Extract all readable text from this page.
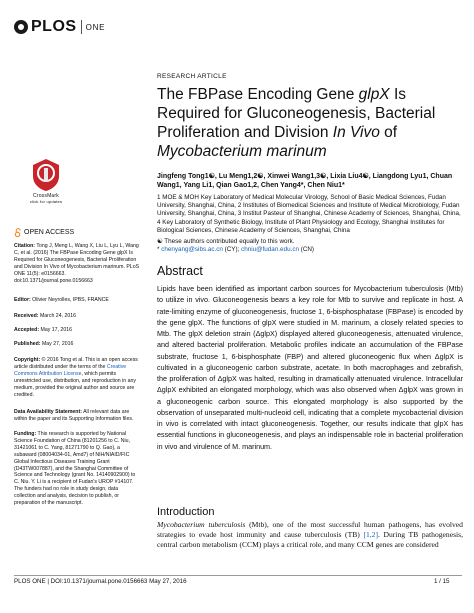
PLOS ONE
RESEARCH ARTICLE
The FBPase Encoding Gene glpX Is Required for Gluconeogenesis, Bacterial Proliferation and Division In Vivo of Mycobacterium marinum
Jingfeng Tong1☯, Lu Meng1,2☯, Xinwei Wang1,3☯, Lixia Liu4☯, Liangdong Lyu1, Chuan Wang1, Yang Li1, Qian Gao1,2, Chen Yang4*, Chen Niu1*
1 MOE & MOH Key Laboratory of Medical Molecular Virology, School of Basic Medical Sciences, Fudan University, Shanghai, China, 2 Institutes of Biomedical Sciences and Institute of Medical Microbiology, Fudan University, Shanghai, China, 3 Institut Pasteur of Shanghai, Chinese Academy of Sciences, Shanghai, China, 4 Key Laboratory of Synthetic Biology, Institute of Plant Physiology and Ecology, Shanghai Institutes for Biological Sciences, Chinese Academy of Sciences, Shanghai, China
☯ These authors contributed equally to this work.
* chenyang@sibs.ac.cn (CY); chniu@fudan.edu.cn (CN)
Abstract

Lipids have been identified as important carbon sources for Mycobacterium tuberculosis (Mtb) to utilize in vivo. Gluconeogenesis bears a key role for Mtb to survive and replicate in host. A rate-limiting enzyme of gluconeogenesis, fructose 1, 6-bisphosphatase (FBPase) is encoded by the gene glpX. The functions of glpX were studied in M. marinum, a closely related species to Mtb. The glpX deletion strain (ΔglpX) displayed altered gluconeogenesis, attenuated virulence, and altered bacterial proliferation. Metabolic profiles indicate an accumulation of the FBPase substrate, fructose 1, 6-bisphosphate (FBP) and altered gluconeogenic flux when ΔglpX is cultivated in a gluconeogenic carbon substrate, acetate. In both macrophages and zebrafish, the proliferation of ΔglpX was halted, resulting in dramatically attenuated virulence. Intracellular ΔglpX exhibited an elongated morphology, which was also observed when ΔglpX was grown in a gluconeogenic carbon source. This elongated morphology is also supported by the observation of unseparated multi-nucleoid cell, indicating that a complete mycobacterial division in vivo is correlated with intact gluconeogenesis. Together, our results indicate that glpX has essential functions in gluconeogenesis, and plays an indispensable role in bacterial proliferation in vivo and virulence of M. marinum.

Introduction

Mycobacterium tuberculosis (Mtb), one of the most successful human pathogens, has evolved strategies to evade host immunity and cause tuberculosis (TB) [1,2]. During TB pathogenesis, central carbon metabolism (CCM) plays a critical role, and many CCM genes are considered

CrossMark
click for updates
OPEN ACCESS
Citation: Tong J, Meng L, Wang X, Liu L, Lyu L, Wang C, et al. (2016) The FBPase Encoding Gene glpX Is Required for Gluconeogenesis, Bacterial Proliferation and Division In Vivo of Mycobacterium marinum. PLoS ONE 11(5): e0156663. doi:10.1371/journal.pone.0156663
Editor: Olivier Neyrolles, IPBS, FRANCE
Received: March 24, 2016
Accepted: May 17, 2016
Published: May 27, 2016
Copyright: © 2016 Tong et al. This is an open access article distributed under the terms of the Creative Commons Attribution License, which permits unrestricted use, distribution, and reproduction in any medium, provided the original author and source are credited.
Data Availability Statement: All relevant data are within the paper and its Supporting Information files.
Funding: This research is supported by National Science Foundation of China (81201256 to C. Niu, 31421061 to C. Yang, 81271790 to Q. Gao), a subaward (08004034-01, Amd7) of NIH/NIAID/FIC Global Infectious Diseases Training Grant (D43TW007887), and the Shanghai Committee of Science and Technology (grant No. 14140902900) to C. Niu. Y. Li is a recipient of Fudan's UROP #14107. The funders had no role in study design, data collection and analysis, decision to publish, or preparation of the manuscript.
PLOS ONE | DOI:10.1371/journal.pone.0156663 May 27, 2016	1 / 15
